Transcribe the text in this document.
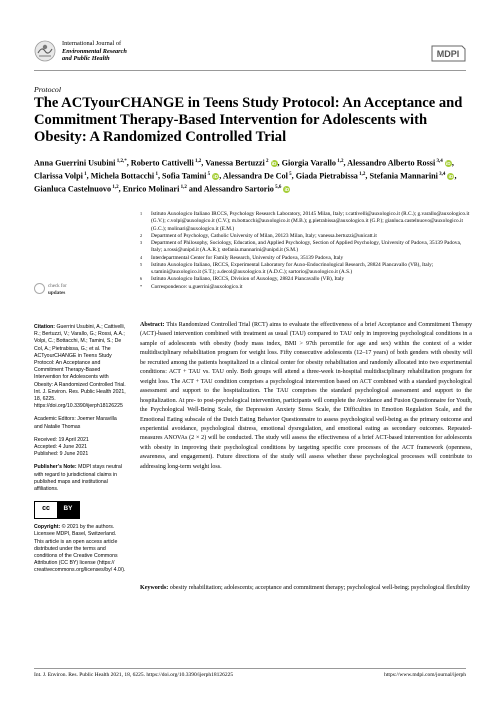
International Journal of
Environmental Research
and Public Health	MDPI
Protocol
The ACTyourCHANGE in Teens Study Protocol: An Acceptance and Commitment Therapy-Based Intervention for Adolescents with Obesity: A Randomized Controlled Trial
Anna Guerrini Usubini $^{1,2,*}$, Roberto Cattivelli $^{1,2}$, Vanessa Bertuzzi $^2$ iD, Giorgia Varallo $^{1,2}$, Alessandro Alberto Rossi $^{3,4}$ iD, Clarissa Volpi $^1$, Michela Bottacchi $^1$, Sofia Tamini $^5$ iD, Alessandra De Col $^5$, Giada Pietrabissa $^{1,2}$, Stefania Mannarini $^{3,4}$ iD, Gianluca Castelnuovo $^{1,2}$, Enrico Molinari $^{1,2}$ and Alessandro Sartorio $^{5,6}$ iD
1 Istituto Auxologico Italiano IRCCS, Psychology Research Laboratory, 20145 Milan, Italy; r.cattivelli@auxologico.it (R.C.); g.varallo@auxologico.it (G.V.); c.volpi@auxologico.it (C.V.); m.bottacchi@auxologico.it (M.B.); g.pietrabissa@auxologico.it (G.P.); gianluca.castelnuovo@auxologico.it (G.C.); molinari@auxologico.it (E.M.)
2 Department of Psychology, Catholic University of Milan, 20123 Milan, Italy; vanessa.bertuzzi@unicatt.it
3 Department of Philosophy, Sociology, Education, and Applied Psychology, Section of Applied Psychology, University of Padova, 35139 Padova, Italy; a.rossi@unipd.it (A.A.R.); stefania.mannarini@unipd.it (S.M.)
4 Interdepartmental Center for Family Research, University of Padova, 35139 Padova, Italy
5 Istituto Auxologico Italiano, IRCCS, Experimental Laboratory for Auxo-Endocrinological Research, 28824 Piancavallo (VB), Italy; s.tamini@auxologico.it (S.T.); a.decol@auxologico.it (A.D.C.); sartorio@auxologico.it (A.S.)
6 Istituto Auxologico Italiano, IRCCS, Division of Auxology, 28824 Piancavallo (VB), Italy
* Correspondence: u.guerrini@auxologico.it
check for
updates

Citation: Guerrini Usubini, A.; Cattivelli, R.; Bertuzzi, V.; Varallo, G.; Rossi, A.A.; Volpi, C.; Bottacchi, M.; Tamini, S.; De Col, A.; Pietrabissa, G.; et al. The ACTyourCHANGE in Teens Study Protocol: An Acceptance and Commitment Therapy-Based Intervention for Adolescents with Obesity: A Randomized Controlled Trial. Int. J. Environ. Res. Public Health 2021, 18, 6225. https://doi.org/10.3390/ijerph18126225

Academic Editors: Joemer Maravilla and Natalie Thomas

Received: 19 April 2021

Accepted: 4 June 2021

Published: 9 June 2021

Publisher’s Note: MDPI stays neutral with regard to jurisdictional claims in published maps and institutional affiliations.

cc	BY

Copyright: © 2021 by the authors. Licensee MDPI, Basel, Switzerland. This article is an open access article distributed under the terms and conditions of the Creative Commons Attribution (CC BY) license (https:// creativecommons.org/licenses/by/ 4.0/).

Abstract: This Randomized Controlled Trial (RCT) aims to evaluate the effectiveness of a brief Acceptance and Commitment Therapy (ACT)-based intervention combined with treatment as usual (TAU) compared to TAU only in improving psychological conditions in a sample of adolescents with obesity (body mass index, BMI > 97th percentile for age and sex) within the context of a wider multidisciplinary rehabilitation program for weight loss. Fifty consecutive adolescents (12–17 years) of both genders with obesity will be recruited among the patients hospitalized in a clinical center for obesity rehabilitation and randomly allocated into two experimental conditions: ACT + TAU vs. TAU only. Both groups will attend a three-week in-hospital multidisciplinary rehabilitation program for weight loss. The ACT + TAU condition comprises a psychological intervention based on ACT combined with a standard psychological assessment and support to the hospitalization. The TAU comprises the standard psychological assessment and support to the hospitalization. At pre- to post-psychological intervention, participants will complete the Avoidance and Fusion Questionnaire for Youth, the Psychological Well-Being Scale, the Depression Anxiety Stress Scale, the Difficulties in Emotion Regulation Scale, and the Emotional Eating subscale of the Dutch Eating Behavior Questionnaire to assess psychological well-being as the primary outcome and experiential avoidance, psychological distress, emotional dysregulation, and emotional eating as secondary outcomes. Repeated-measures ANOVAs (2 × 2) will be conducted. The study will assess the effectiveness of a brief ACT-based intervention for adolescents with obesity in improving their psychological conditions by targeting specific core processes of the ACT framework (openness, awareness, and engagement). Future directions of the study will assess whether these psychological processes will contribute to addressing long-term weight loss.
Keywords: obesity rehabilitation; adolescents; acceptance and commitment therapy; psychological well-being; psychological flexibility
Int. J. Environ. Res. Public Health 2021, 18, 6225. https://doi.org/10.3390/ijerph18126225	https://www.mdpi.com/journal/ijerph
